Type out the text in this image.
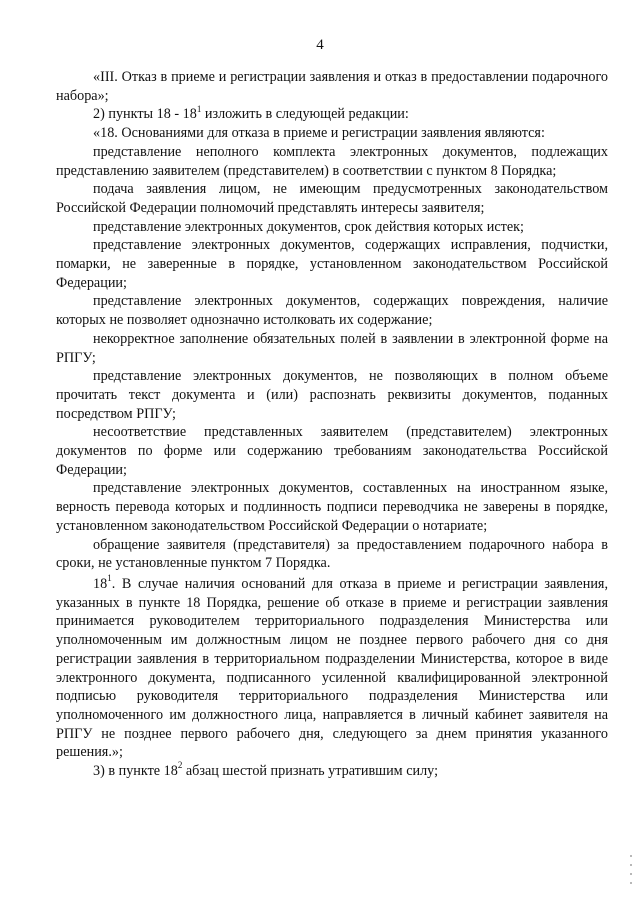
4

«III. Отказ в приеме и регистрации заявления и отказ в предоставлении подарочного набора»;

2) пункты $18 - 18^1$ изложить в следующей редакции:

«18. Основаниями для отказа в приеме и регистрации заявления являются:

представление неполного комплекта электронных документов, подлежащих представлению заявителем (представителем) в соответствии с пунктом 8 Порядка;

подача заявления лицом, не имеющим предусмотренных законодательством Российской Федерации полномочий представлять интересы заявителя;

представление электронных документов, срок действия которых истек;

представление электронных документов, содержащих исправления, подчистки, помарки, не заверенные в порядке, установленном законодательством Российской Федерации;

представление электронных документов, содержащих повреждения, наличие которых не позволяет однозначно истолковать их содержание;

некорректное заполнение обязательных полей в заявлении в электронной форме на РПГУ;

представление электронных документов, не позволяющих в полном объеме прочитать текст документа и (или) распознать реквизиты документов, поданных посредством РПГУ;

несоответствие представленных заявителем (представителем) электронных документов по форме или содержанию требованиям законодательства Российской Федерации;

представление электронных документов, составленных на иностранном языке, верность перевода которых и подлинность подписи переводчика не заверены в порядке, установленном законодательством Российской Федерации о нотариате;

обращение заявителя (представителя) за предоставлением подарочного набора в сроки, не установленные пунктом 7 Порядка.

$18^1$. В случае наличия оснований для отказа в приеме и регистрации заявления, указанных в пункте 18 Порядка, решение об отказе в приеме и регистрации заявления принимается руководителем территориального подразделения Министерства или уполномоченным им должностным лицом не позднее первого рабочего дня со дня регистрации заявления в территориальном подразделении Министерства, которое в виде электронного документа, подписанного усиленной квалифицированной электронной подписью руководителя территориального подразделения Министерства или уполномоченного им должностного лица, направляется в личный кабинет заявителя на РПГУ не позднее первого рабочего дня, следующего за днем принятия указанного решения.»;

3) в пункте $18^2$ абзац шестой признать утратившим силу;
